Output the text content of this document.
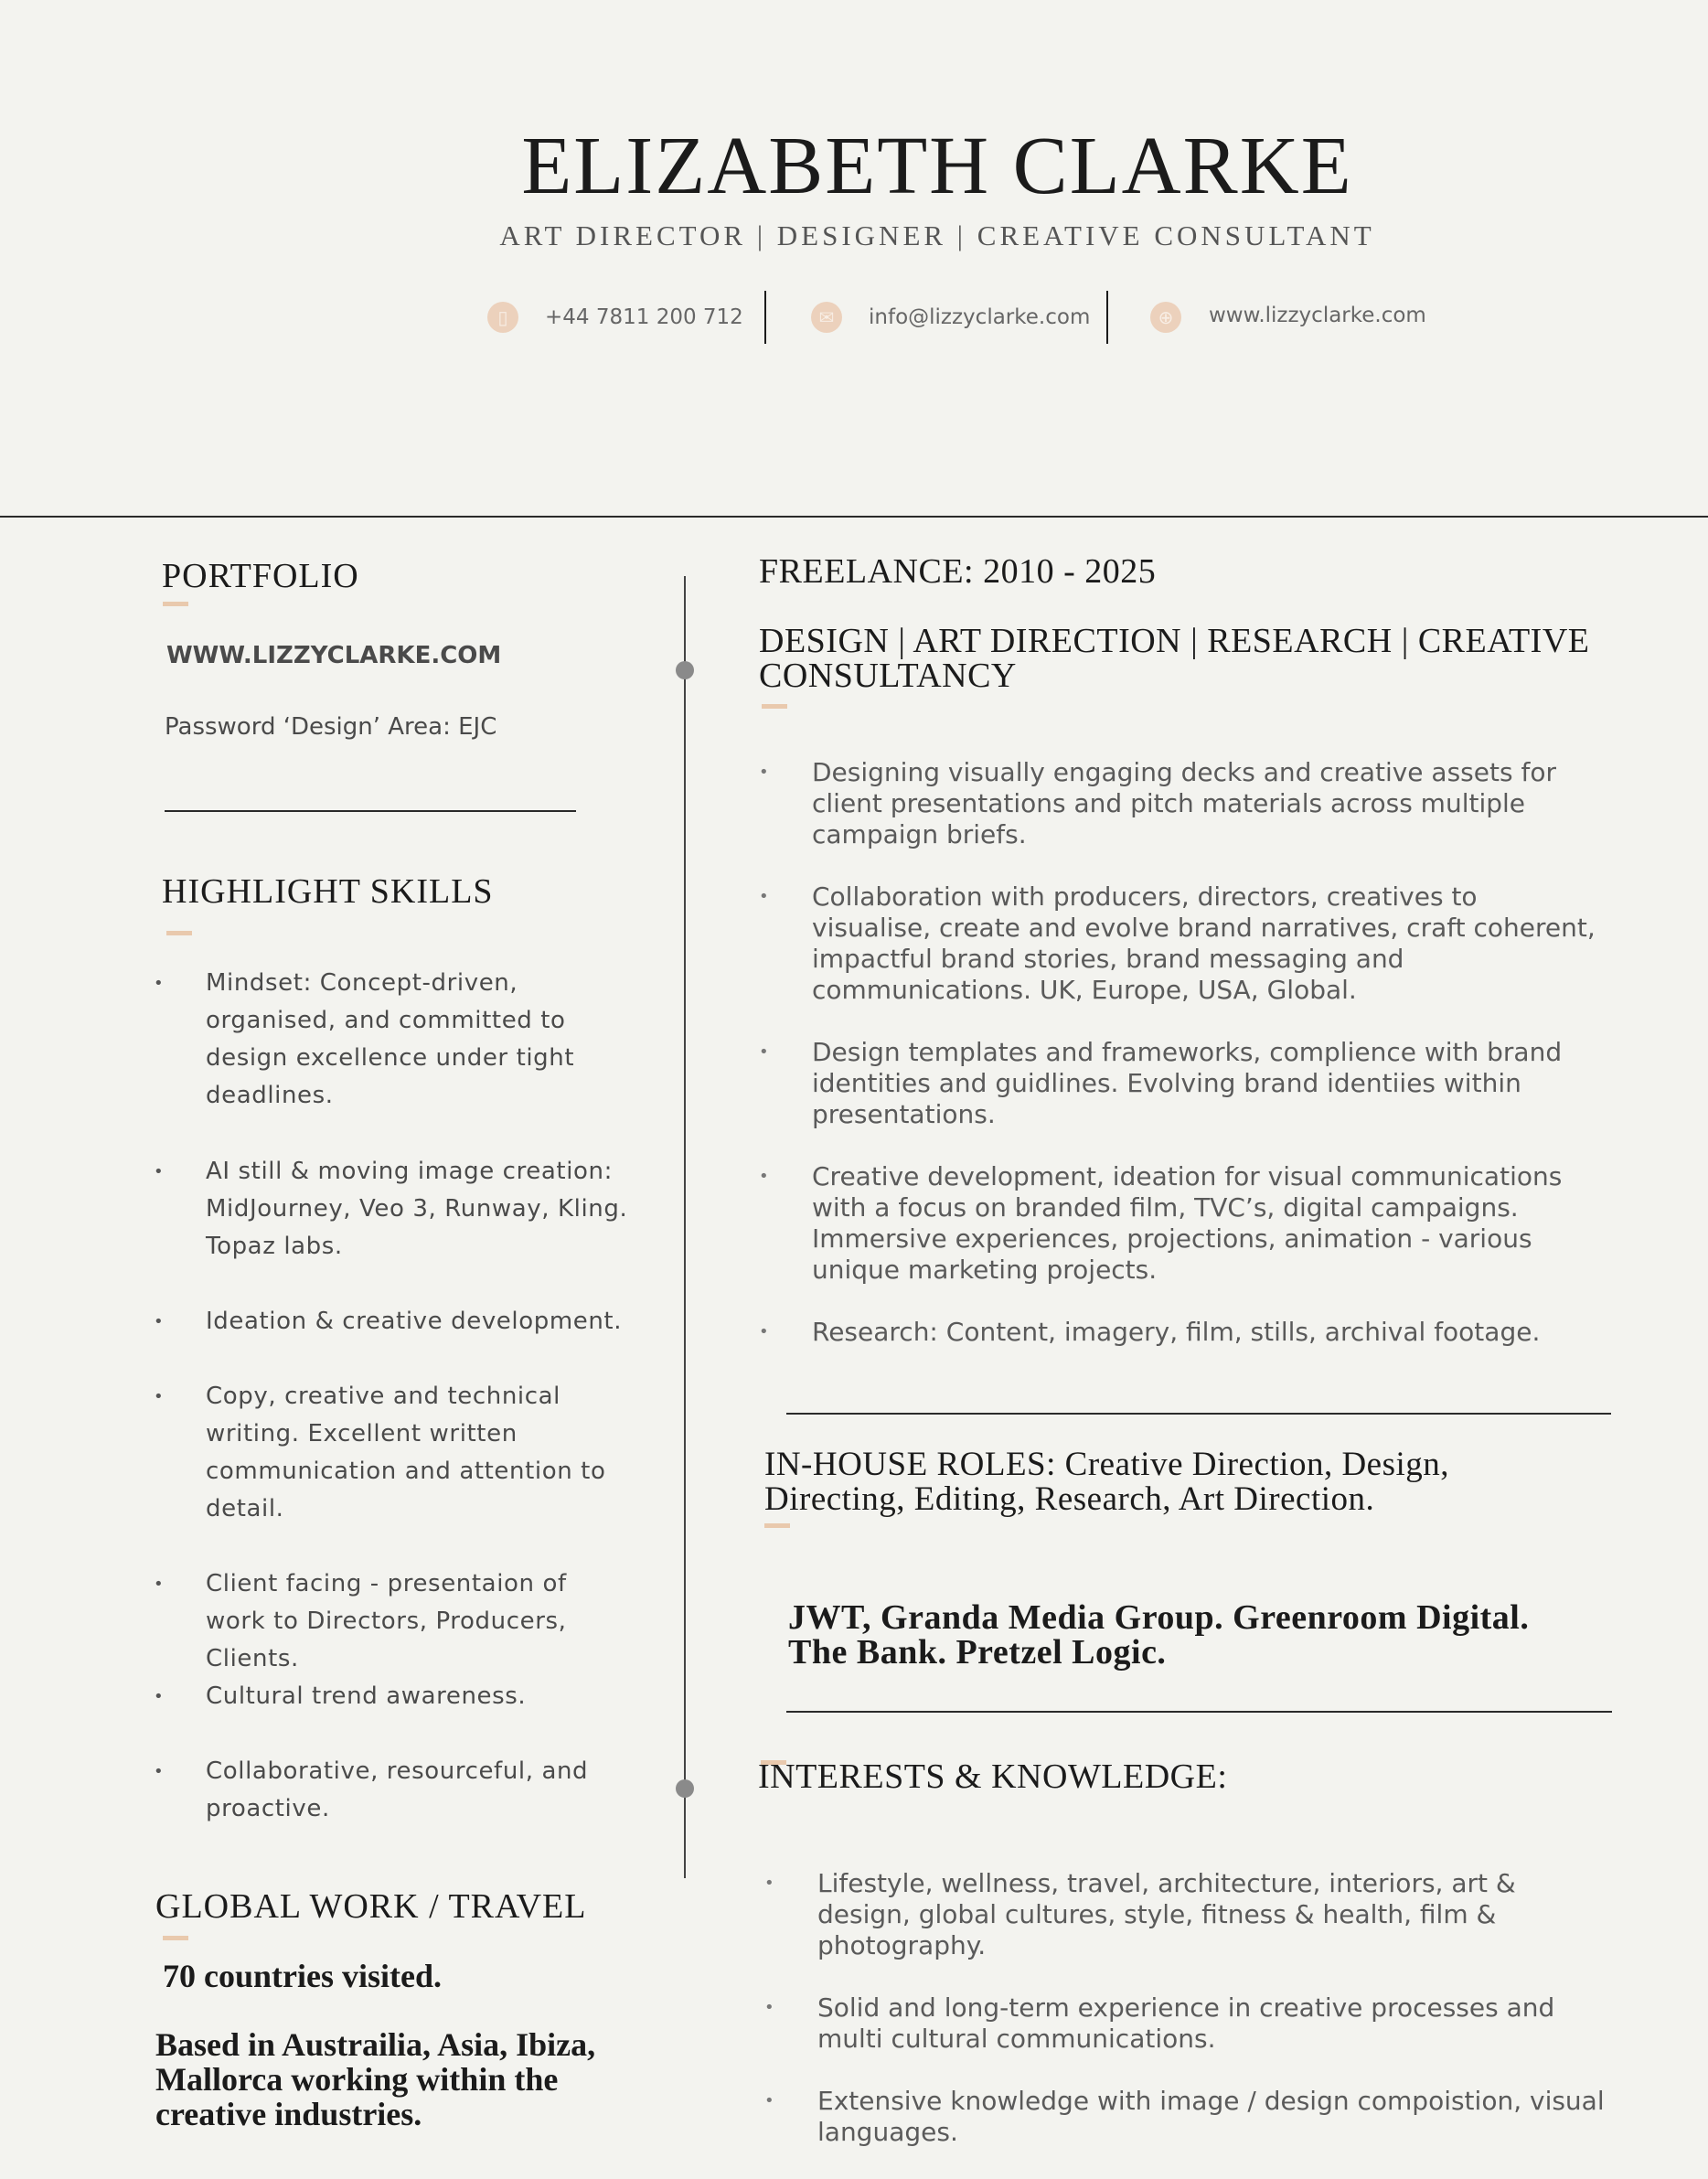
ELIZABETH CLARKE
ART DIRECTOR | DESIGNER | CREATIVE CONSULTANT
▯	+44 7811 200 712	✉	info@lizzyclarke.com	⊕	www.lizzyclarke.com
PORTFOLIO
WWW.LIZZYCLARKE.COM
Password ‘Design’ Area: EJC
HIGHLIGHT SKILLS
• Mindset: Concept-driven, organised, and committed to design excellence under tight deadlines.
• AI still & moving image creation: MidJourney, Veo 3, Runway, Kling. Topaz labs.
• Ideation & creative development.
• Copy, creative and technical writing. Excellent written communication and attention to detail.
• Client facing - presentaion of work to Directors, Producers, Clients.
• Cultural trend awareness.
• Collaborative, resourceful, and proactive.
GLOBAL WORK / TRAVEL
70 countries visited.
Based in Austrailia, Asia, Ibiza, Mallorca working within the creative industries.
FREELANCE: 2010 - 2025
DESIGN | ART DIRECTION | RESEARCH | CREATIVE CONSULTANCY
• Designing visually engaging decks and creative assets for client presentations and pitch materials across multiple campaign briefs.
• Collaboration with producers, directors, creatives to visualise, create and evolve brand narratives, craft coherent, impactful brand stories, brand messaging and communications. UK, Europe, USA, Global.
• Design templates and frameworks, complience with brand identities and guidlines. Evolving brand identiies within presentations.
• Creative development, ideation for visual communications with a focus on branded film, TVC’s, digital campaigns. Immersive experiences, projections, animation - various unique marketing projects.
• Research: Content, imagery, film, stills, archival footage.
IN-HOUSE ROLES: Creative Direction, Design, Directing, Editing, Research, Art Direction.
JWT, Granda Media Group. Greenroom Digital. The Bank. Pretzel Logic.
INTERESTS & KNOWLEDGE:
• Lifestyle, wellness, travel, architecture, interiors, art & design, global cultures, style, fitness & health, film & photography.
• Solid and long-term experience in creative processes and multi cultural communications.
• Extensive knowledge with image / design compoistion, visual languages.
